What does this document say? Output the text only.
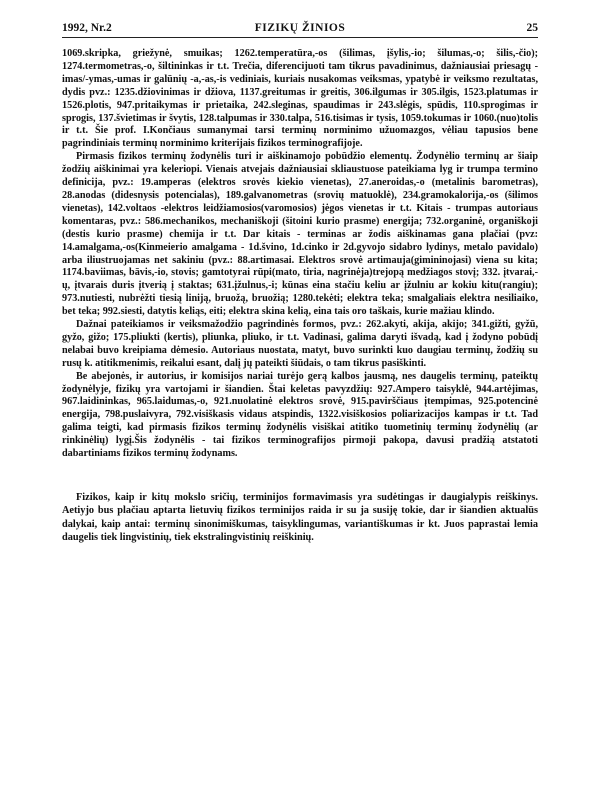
1992, Nr.2	FIZIKŲ ŽINIOS	25

1069.skripka, griežynė, smuikas; 1262.temperatūra,-os (šilimas, įšylis,-io; šilumas,-o; šilis,-čio); 1274.termometras,-o, šiltininkas ir t.t. Trečia, diferencijuoti tam tikrus pavadinimus, dažniausiai priesagų -imas/-ymas,-umas ir galūnių -a,-as,-is vediniais, kuriais nusakomas veiksmas, ypatybė ir veiksmo rezultatas, dydis pvz.: 1235.džiovinimas ir džiova, 1137.greitumas ir greitis, 306.ilgumas ir 305.ilgis, 1523.platumas ir 1526.plotis, 947.pritaikymas ir prietaika, 242.sleginas, spaudimas ir 243.slėgis, spūdis, 110.sprogimas ir sprogis, 137.švietimas ir švytis, 128.talpumas ir 330.talpa, 516.tisimas ir tysis, 1059.tokumas ir 1060.(nuo)tolis ir t.t. Šie prof. I.Končiaus sumanymai tarsi terminų norminimo užuomazgos, vėliau tapusios bene pagrindiniais terminų norminimo kriterijais fizikos terminografijoje.

Pirmasis fizikos terminų žodynėlis turi ir aiškinamojo pobūdžio elementų. Žodynėlio terminų ar šiaip žodžių aiškinimai yra keleriopi. Vienais atvejais dažniausiai skliaustuose pateikiama lyg ir trumpa termino definicija, pvz.: 19.amperas (elektros srovės kiekio vienetas), 27.aneroidas,-o (metalinis barometras), 28.anodas (didesnysis potencialas), 189.galvanometras (srovių matuoklė), 234.gramokalorija,-os (šilimos vienetas), 142.voltaos -elektros leidžiamosios(varomosios) jėgos vienetas ir t.t. Kitais - trumpas autoriaus komentaras, pvz.: 586.mechanikos, mechaniškoji (šitoini kurio prasme) energija; 732.organinė, organiškoji (destis kurio prasme) chemija ir t.t. Dar kitais - terminas ar žodis aiškinamas gana plačiai (pvz: 14.amalgama,-os(Kinmeierio amalgama - 1d.švino, 1d.cinko ir 2d.gyvojo sidabro lydinys, metalo pavidalo) arba iliustruojamas net sakiniu (pvz.: 88.artimasai. Elektros srovė artimauja(gimininojasi) viena su kita; 1174.baviimas, bāvis,-io, stovis; gamtotyrai rūpi(mato, tiria, nagrinėja)trejopą medžiagos stovį; 332. įtvarai,-ų, įtvarais duris įtverią į staktas; 631.įžulnus,-i; kūnas eina stačiu keliu ar įžulniu ar kokiu kitu(rangiu); 973.nutiesti, nubrėžti tiesią liniją, bruožą, bruožią; 1280.tekėti; elektra teka; smalgaliais elektra nesiliaiko, bet teka; 992.siesti, datytis keliąs, eiti; elektra skina kelią, eina tais oro taškais, kurie mažiau klindo.

Dažnai pateikiamos ir veiksmažodžio pagrindinės formos, pvz.: 262.akyti, akija, akijo; 341.gižti, gyžū, gyžo, gižo; 175.pliukti (kertis), pliunka, pliuko, ir t.t. Vadinasi, galima daryti išvadą, kad į žodyno pobūdį nelabai buvo kreipiama dėmesio. Autoriaus nuostata, matyt, buvo surinkti kuo daugiau terminų, žodžių su rusų k. atitikmenimis, reikalui esant, dalį jų pateikti šiūdais, o tam tikrus pasiškinti.

Be abejonės, ir autorius, ir komisijos nariai turėjo gerą kalbos jausmą, nes daugelis terminų, pateiktų žodynėlyje, fizikų yra vartojami ir šiandien. Štai keletas pavyzdžių: 927.Ampero taisyklė, 944.artėjimas, 967.laidininkas, 965.laidumas,-o, 921.nuolatinė elektros srovė, 915.pavirščiaus įtempimas, 925.potencinė energija, 798.puslaivyra, 792.visiškasis vidaus atspindis, 1322.visiškosios poliarizacijos kampas ir t.t. Tad galima teigti, kad pirmasis fizikos terminų žodynėlis visiškai atitiko tuometinių terminų žodynėlių (ar rinkinėlių) lygį.Šis žodynėlis - tai fizikos terminografijos pirmoji pakopa, davusi pradžią atstatoti dabartiniams fizikos terminų žodynams.

Fizikos, kaip ir kitų mokslo sričių, terminijos formavimasis yra sudėtingas ir daugialypis reiškinys. Aetiyjo bus plačiau aptarta lietuvių fizikos terminijos raida ir su ja susiję tokie, dar ir šiandien aktualūs dalykai, kaip antai: terminų sinonimiškumas, taisyklingumas, variantiškumas ir kt. Juos paprastai lemia daugelis tiek lingvistinių, tiek ekstralingvistinių reiškinių.
